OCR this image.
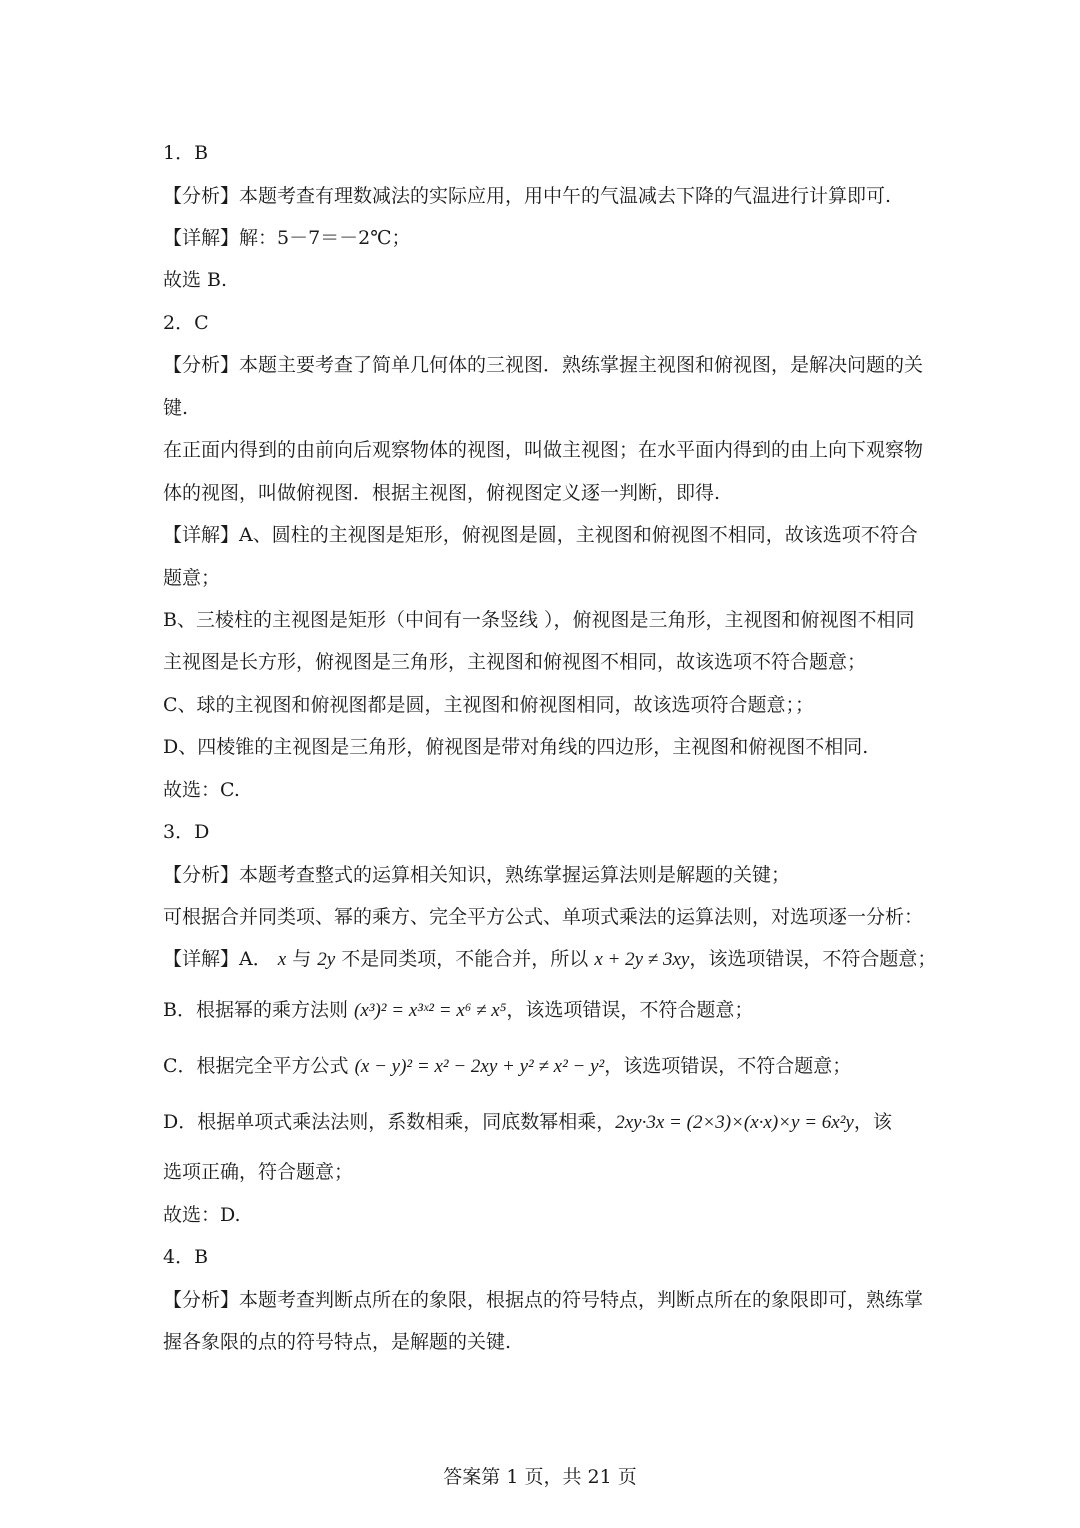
1．B
【分析】本题考查有理数减法的实际应用，用中午的气温减去下降的气温进行计算即可.
【详解】解：5－7＝－2℃；
故选 B.
2．C
【分析】本题主要考查了简单几何体的三视图．熟练掌握主视图和俯视图，是解决问题的关
键.
在正面内得到的由前向后观察物体的视图，叫做主视图；在水平面内得到的由上向下观察物
体的视图，叫做俯视图．根据主视图，俯视图定义逐一判断，即得.
【详解】A、圆柱的主视图是矩形，俯视图是圆，主视图和俯视图不相同，故该选项不符合
题意；
B、三棱柱的主视图是矩形（中间有一条竖线 ），俯视图是三角形，主视图和俯视图不相同
主视图是长方形，俯视图是三角形，主视图和俯视图不相同，故该选项不符合题意；
C、球的主视图和俯视图都是圆，主视图和俯视图相同，故该选项符合题意；；
D、四棱锥的主视图是三角形，俯视图是带对角线的四边形，主视图和俯视图不相同.
故选：C.
3．D
【分析】本题考查整式的运算相关知识，熟练掌握运算法则是解题的关键；
可根据合并同类项、幂的乘方、完全平方公式、单项式乘法的运算法则，对选项逐一分析：
【详解】A． x 与 2y 不是同类项，不能合并，所以 x + 2y ≠ 3xy，该选项错误，不符合题意；
B．根据幂的乘方法则 (x³)² = x³ˣ² = x⁶ ≠ x⁵，该选项错误，不符合题意；
C．根据完全平方公式 (x − y)² = x² − 2xy + y² ≠ x² − y²，该选项错误，不符合题意；
D．根据单项式乘法法则，系数相乘，同底数幂相乘，2xy·3x = (2×3)×(x·x)×y = 6x²y，该
选项正确，符合题意；
故选：D.
4．B
【分析】本题考查判断点所在的象限，根据点的符号特点，判断点所在的象限即可，熟练掌
握各象限的点的符号特点，是解题的关键.
答案第 1 页，共 21 页
